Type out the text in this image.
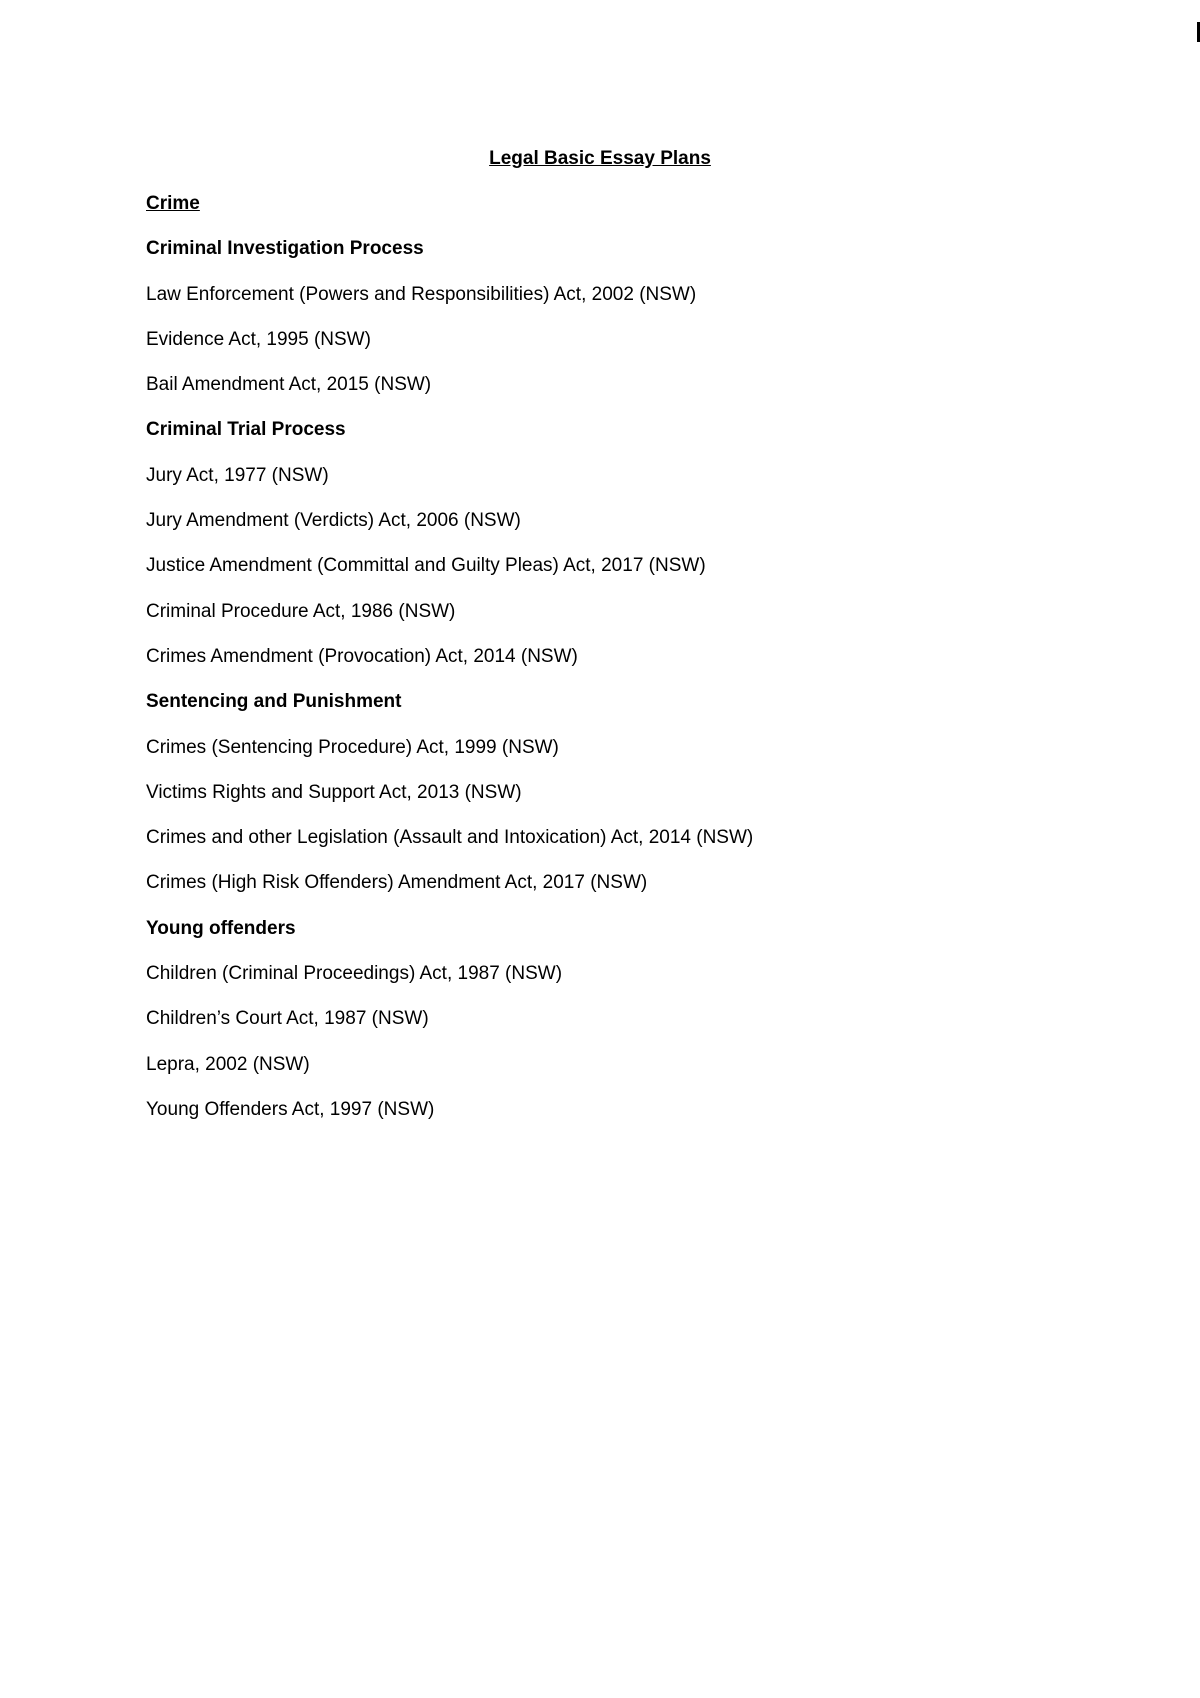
Legal Basic Essay Plans
Crime
Criminal Investigation Process
Law Enforcement (Powers and Responsibilities) Act, 2002 (NSW)
Evidence Act, 1995 (NSW)
Bail Amendment Act, 2015 (NSW)
Criminal Trial Process
Jury Act, 1977 (NSW)
Jury Amendment (Verdicts) Act, 2006 (NSW)
Justice Amendment (Committal and Guilty Pleas) Act, 2017 (NSW)
Criminal Procedure Act, 1986 (NSW)
Crimes Amendment (Provocation) Act, 2014 (NSW)
Sentencing and Punishment
Crimes (Sentencing Procedure) Act, 1999 (NSW)
Victims Rights and Support Act, 2013 (NSW)
Crimes and other Legislation (Assault and Intoxication) Act, 2014 (NSW)
Crimes (High Risk Offenders) Amendment Act, 2017 (NSW)
Young offenders
Children (Criminal Proceedings) Act, 1987 (NSW)
Children’s Court Act, 1987 (NSW)
Lepra, 2002 (NSW)
Young Offenders Act, 1997 (NSW)
